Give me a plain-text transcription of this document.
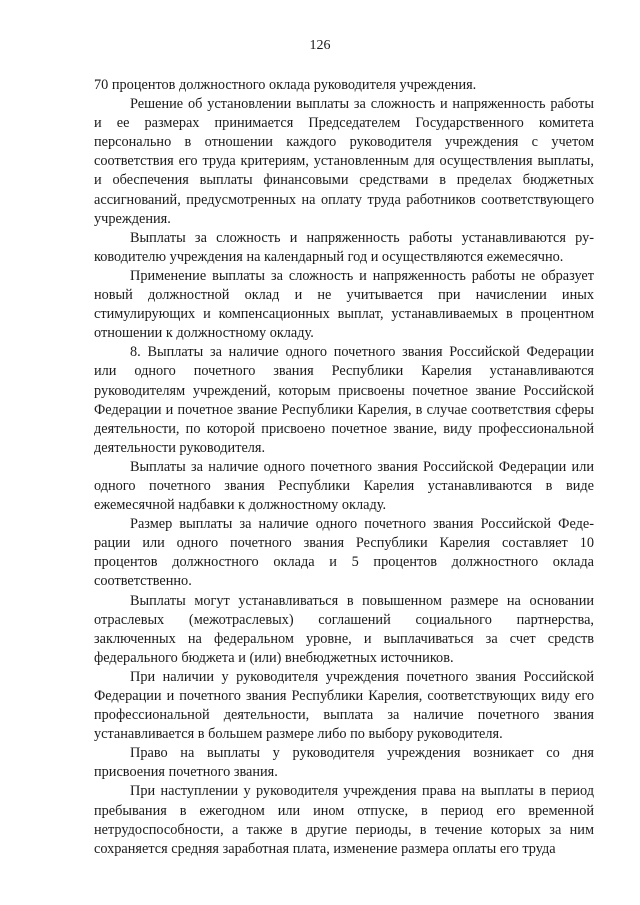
126

70 процентов должностного оклада руководителя учреждения.

Решение об установлении выплаты за сложность и напряженность работы и ее размерах принимается Председателем Государственного комитета персонально в отношении каждого руководителя учреждения с учетом соответствия его труда критериям, установленным для осуществления выплаты, и обеспечения выплаты финансовыми средствами в пределах бюджетных ассигнований, предусмотренных на оплату труда работников соответствующего учреждения.

Выплаты за сложность и напряженность работы устанавливаются руководителю учреждения на календарный год и осуществляются ежемесячно.

Применение выплаты за сложность и напряженность работы не образует новый должностной оклад и не учитывается при начислении иных стимулирующих и компенсационных выплат, устанавливаемых в процентном отношении к должностному окладу.

8. Выплаты за наличие одного почетного звания Российской Федерации или одного почетного звания Республики Карелия устанавливаются руководителям учреждений, которым присвоены почетное звание Российской Федерации и почетное звание Республики Карелия, в случае соответствия сферы деятельности, по которой присвоено почетное звание, виду профессиональной деятельности руководителя.

Выплаты за наличие одного почетного звания Российской Федерации или одного почетного звания Республики Карелия устанавливаются в виде ежемесячной надбавки к должностному окладу.

Размер выплаты за наличие одного почетного звания Российской Федерации или одного почетного звания Республики Карелия составляет 10 процентов должностного оклада и 5 процентов должностного оклада соответственно.

Выплаты могут устанавливаться в повышенном размере на основании отраслевых (межотраслевых) соглашений социального партнерства, заключенных на федеральном уровне, и выплачиваться за счет средств федерального бюджета и (или) внебюджетных источников.

При наличии у руководителя учреждения почетного звания Российской Федерации и почетного звания Республики Карелия, соответствующих виду его профессиональной деятельности, выплата за наличие почетного звания устанавливается в большем размере либо по выбору руководителя.

Право на выплаты у руководителя учреждения возникает со дня присвоения почетного звания.

При наступлении у руководителя учреждения права на выплаты в период пребывания в ежегодном или ином отпуске, в период его временной нетрудоспособности, а также в другие периоды, в течение которых за ним сохраняется средняя заработная плата, изменение размера оплаты его труда
